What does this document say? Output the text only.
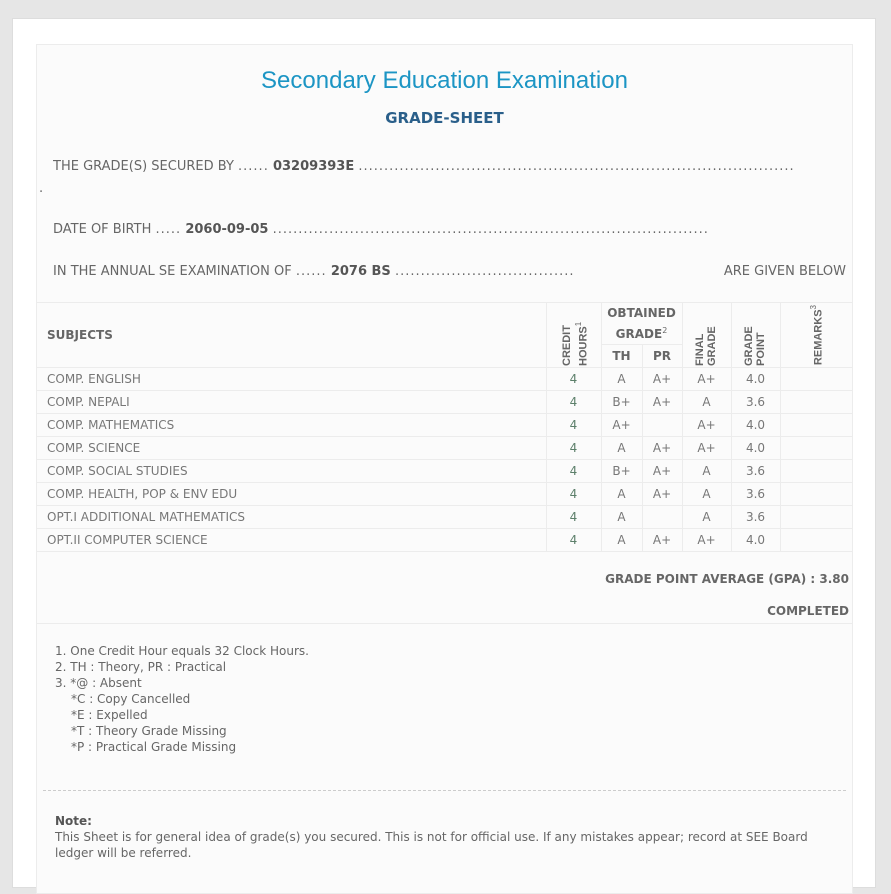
Secondary Education Examination
GRADE-SHEET
THE GRADE(S) SECURED BY ...... 03209393E .....................................................................................
.
DATE OF BIRTH ..... 2060-09-05 .....................................................................................
IN THE ANNUAL SE EXAMINATION OF ...... 2076 BS ...................................	ARE GIVEN BELOW
SUBJECTS	CREDIT HOURS$^1$	OBTAINED GRADE$^2$		FINAL GRADE	GRADE POINT	REMARKS$^3$
		TH	PR			
COMP. ENGLISH	4	A	A+	A+	4.0	
COMP. NEPALI	4	B+	A+	A	3.6	
COMP. MATHEMATICS	4	A+		A+	4.0	
COMP. SCIENCE	4	A	A+	A+	4.0	
COMP. SOCIAL STUDIES	4	B+	A+	A	3.6	
COMP. HEALTH, POP & ENV EDU	4	A	A+	A	3.6	
OPT.I ADDITIONAL MATHEMATICS	4	A		A	3.6	
OPT.II COMPUTER SCIENCE	4	A	A+	A+	4.0	
GRADE POINT AVERAGE (GPA) : 3.80
COMPLETED
1. One Credit Hour equals 32 Clock Hours.
2. TH : Theory, PR : Practical
3. *@ : Absent
*C : Copy Cancelled
*E : Expelled
*T : Theory Grade Missing
*P : Practical Grade Missing
Note:
This Sheet is for general idea of grade(s) you secured. This is not for official use. If any mistakes appear; record at SEE Board ledger will be referred.
